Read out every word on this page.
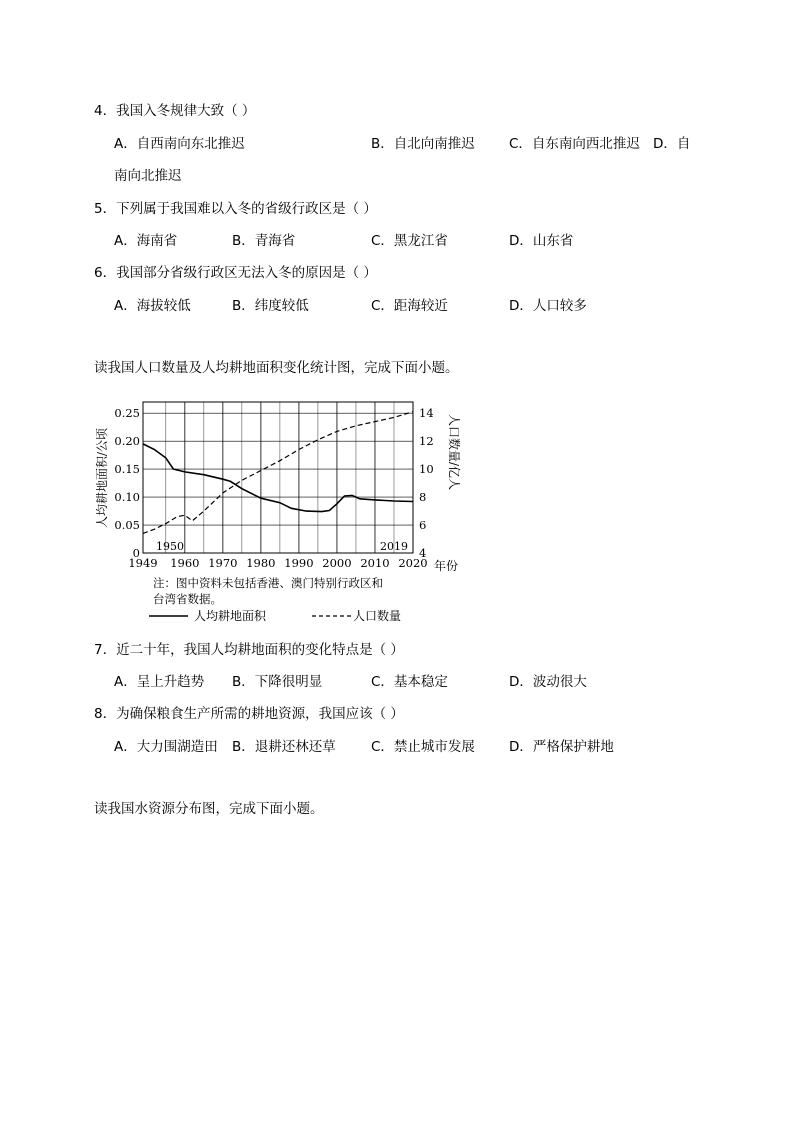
4．我国入冬规律大致（ ）
A．自西南向东北推迟	B．自北向南推迟	C．自东南向西北推迟 D．自
南向北推迟
5．下列属于我国难以入冬的省级行政区是（ ）
A．海南省	B．青海省	C．黑龙江省	D．山东省
6．我国部分省级行政区无法入冬的原因是（ ）
A．海拔较低	B．纬度较低	C．距海较近	D．人口较多
读我国人口数量及人均耕地面积变化统计图，完成下面小题。
1949 1960 1970 1980 1990 2000 2010 2020
0
0.05
0.10
0.15
0.20
0.25
4
6
8
10
12
14
1950	2019
人均耕地面积/公顷	人口数量/亿人
年份
注：图中资料未包括香港、澳门特别行政区和
台湾省数据。
人均耕地面积	人口数量
7．近二十年，我国人均耕地面积的变化特点是（ ）
A．呈上升趋势 B．下降很明显	C．基本稳定	D．波动很大
8．为确保粮食生产所需的耕地资源，我国应该（ ）
A．大力围湖造田 B．退耕还林还草	C．禁止城市发展	D．严格保护耕地
读我国水资源分布图，完成下面小题。
